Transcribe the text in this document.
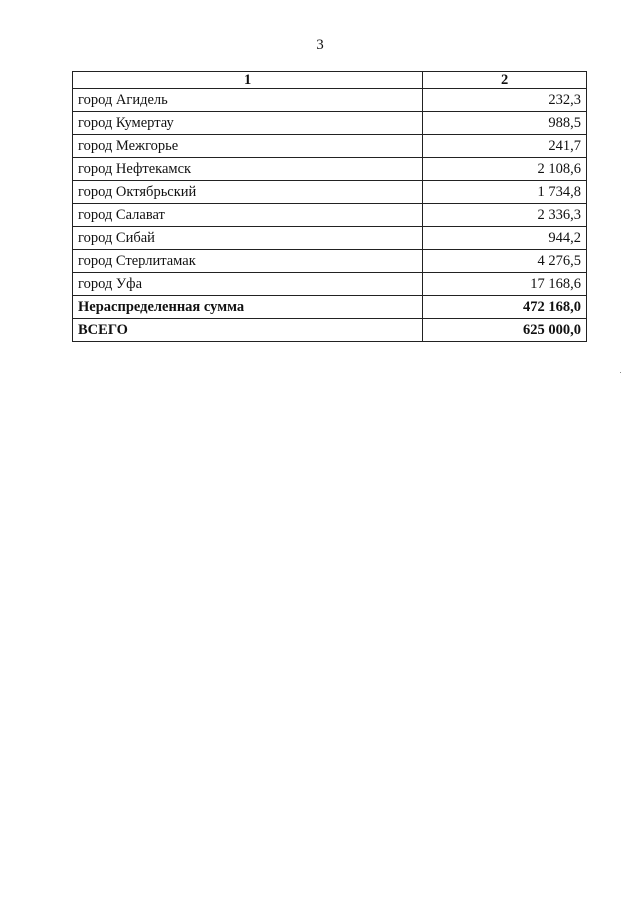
3
1	2
город Агидель	232,3
город Кумертау	988,5
город Межгорье	241,7
город Нефтекамск	2 108,6
город Октябрьский	1 734,8
город Салават	2 336,3
город Сибай	944,2
город Стерлитамак	4 276,5
город Уфа	17 168,6
Нераспределенная сумма	472 168,0
ВСЕГО	625 000,0
